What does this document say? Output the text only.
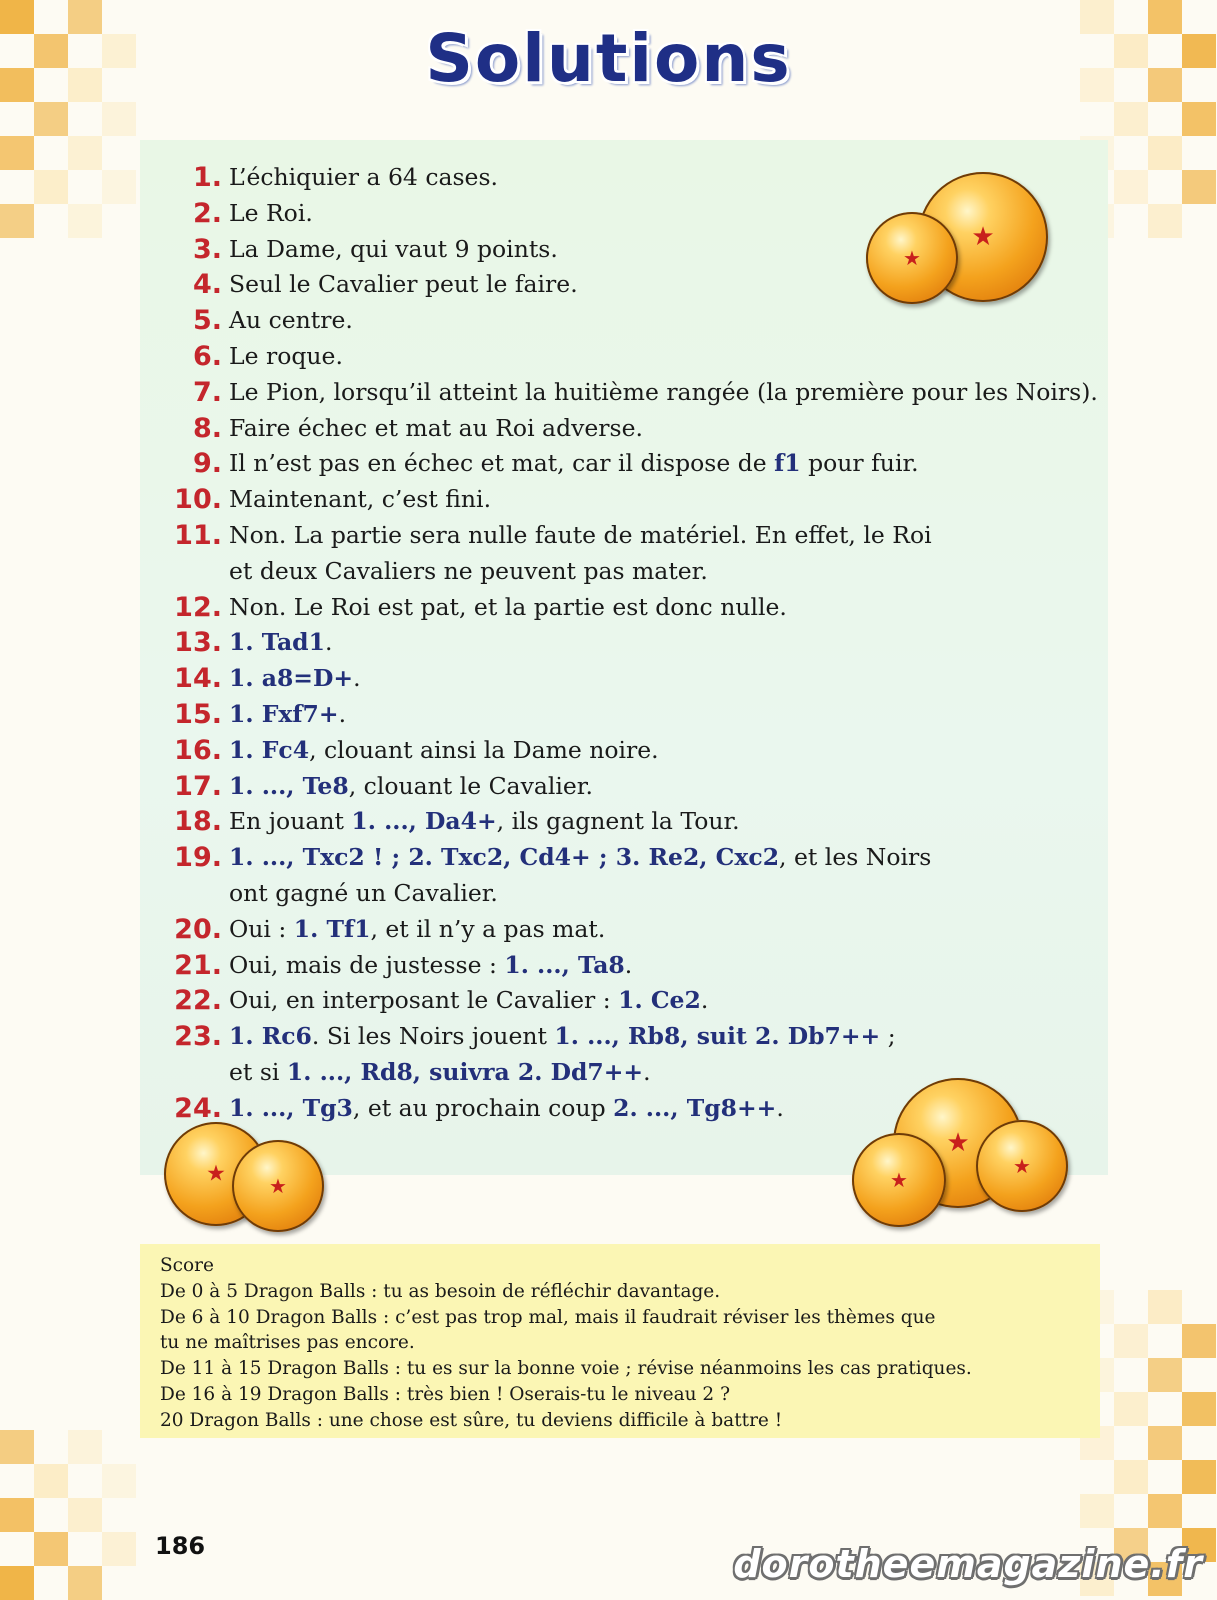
Solutions
1. L’échiquier a 64 cases.
2. Le Roi.
3. La Dame, qui vaut 9 points.
4. Seul le Cavalier peut le faire.
5. Au centre.
6. Le roque.
7. Le Pion, lorsqu’il atteint la huitième rangée (la première pour les Noirs).
8. Faire échec et mat au Roi adverse.
9. Il n’est pas en échec et mat, car il dispose de f1 pour fuir.
10. Maintenant, c’est fini.
11. Non. La partie sera nulle faute de matériel. En effet, le Roi
et deux Cavaliers ne peuvent pas mater.
12. Non. Le Roi est pat, et la partie est donc nulle.
13. 1. Tad1.
14. 1. a8=D+.
15. 1. Fxf7+.
16. 1. Fc4, clouant ainsi la Dame noire.
17. 1. ..., Te8, clouant le Cavalier.
18. En jouant 1. ..., Da4+, ils gagnent la Tour.
19. 1. ..., Txc2 ! ; 2. Txc2, Cd4+ ; 3. Re2, Cxc2, et les Noirs
ont gagné un Cavalier.
20. Oui : 1. Tf1, et il n’y a pas mat.
21. Oui, mais de justesse : 1. ..., Ta8.
22. Oui, en interposant le Cavalier : 1. Ce2.
23. 1. Rc6. Si les Noirs jouent 1. ..., Rb8, suit 2. Db7++ ;
et si 1. ..., Rd8, suivra 2. Dd7++.
24. 1. ..., Tg3, et au prochain coup 2. ..., Tg8++.
★
★
★ ★
★
★
★
Score
De 0 à 5 Dragon Balls : tu as besoin de réfléchir davantage.
De 6 à 10 Dragon Balls : c’est pas trop mal, mais il faudrait réviser les thèmes que
tu ne maîtrises pas encore.
De 11 à 15 Dragon Balls : tu es sur la bonne voie ; révise néanmoins les cas pratiques.
De 16 à 19 Dragon Balls : très bien ! Oserais-tu le niveau 2 ?
20 Dragon Balls : une chose est sûre, tu deviens difficile à battre !
186	dorotheemagazine.fr
